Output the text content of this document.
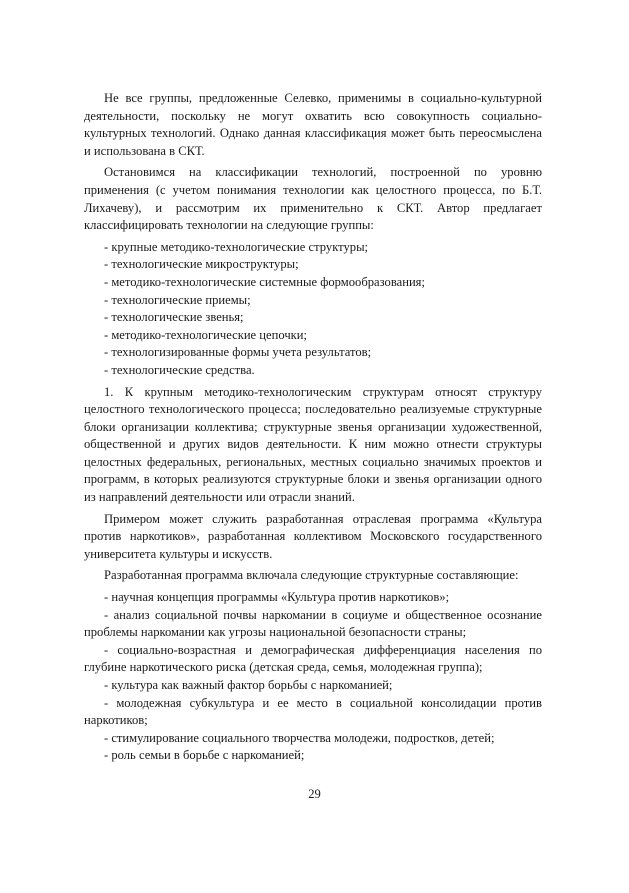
Не все группы, предложенные Селевко, применимы в социально-культурной деятельности, поскольку не могут охватить всю совокупность социально-культурных технологий. Однако данная классификация может быть переосмыслена и использована в СКТ.

Остановимся на классификации технологий, построенной по уровню применения (с учетом понимания технологии как целостного процесса, по Б.Т. Лихачеву), и рассмотрим их применительно к СКТ. Автор предлагает классифицировать технологии на следующие группы:

- крупные методико-технологические структуры;
- технологические микроструктуры;
- методико-технологические системные формообразования;
- технологические приемы;
- технологические звенья;
- методико-технологические цепочки;
- технологизированные формы учета результатов;
- технологические средства.

1. К крупным методико-технологическим структурам относят структуру целостного технологического процесса; последовательно реализуемые структурные блоки организации коллектива; структурные звенья организации художественной, общественной и других видов деятельности. К ним можно отнести структуры целостных федеральных, региональных, местных социально значимых проектов и программ, в которых реализуются структурные блоки и звенья организации одного из направлений деятельности или отрасли знаний.

Примером может служить разработанная отраслевая программа «Культура против наркотиков», разработанная коллективом Московского государственного университета культуры и искусств.

Разработанная программа включала следующие структурные составляющие:

- научная концепция программы «Культура против наркотиков»;
- анализ социальной почвы наркомании в социуме и общественное осознание проблемы наркомании как угрозы национальной безопасности страны;
- социально-возрастная и демографическая дифференциация населения по глубине наркотического риска (детская среда, семья, молодежная группа);
- культура как важный фактор борьбы с наркоманией;
- молодежная субкультура и ее место в социальной консолидации против наркотиков;
- стимулирование социального творчества молодежи, подростков, детей;
- роль семьи в борьбе с наркоманией;
29
